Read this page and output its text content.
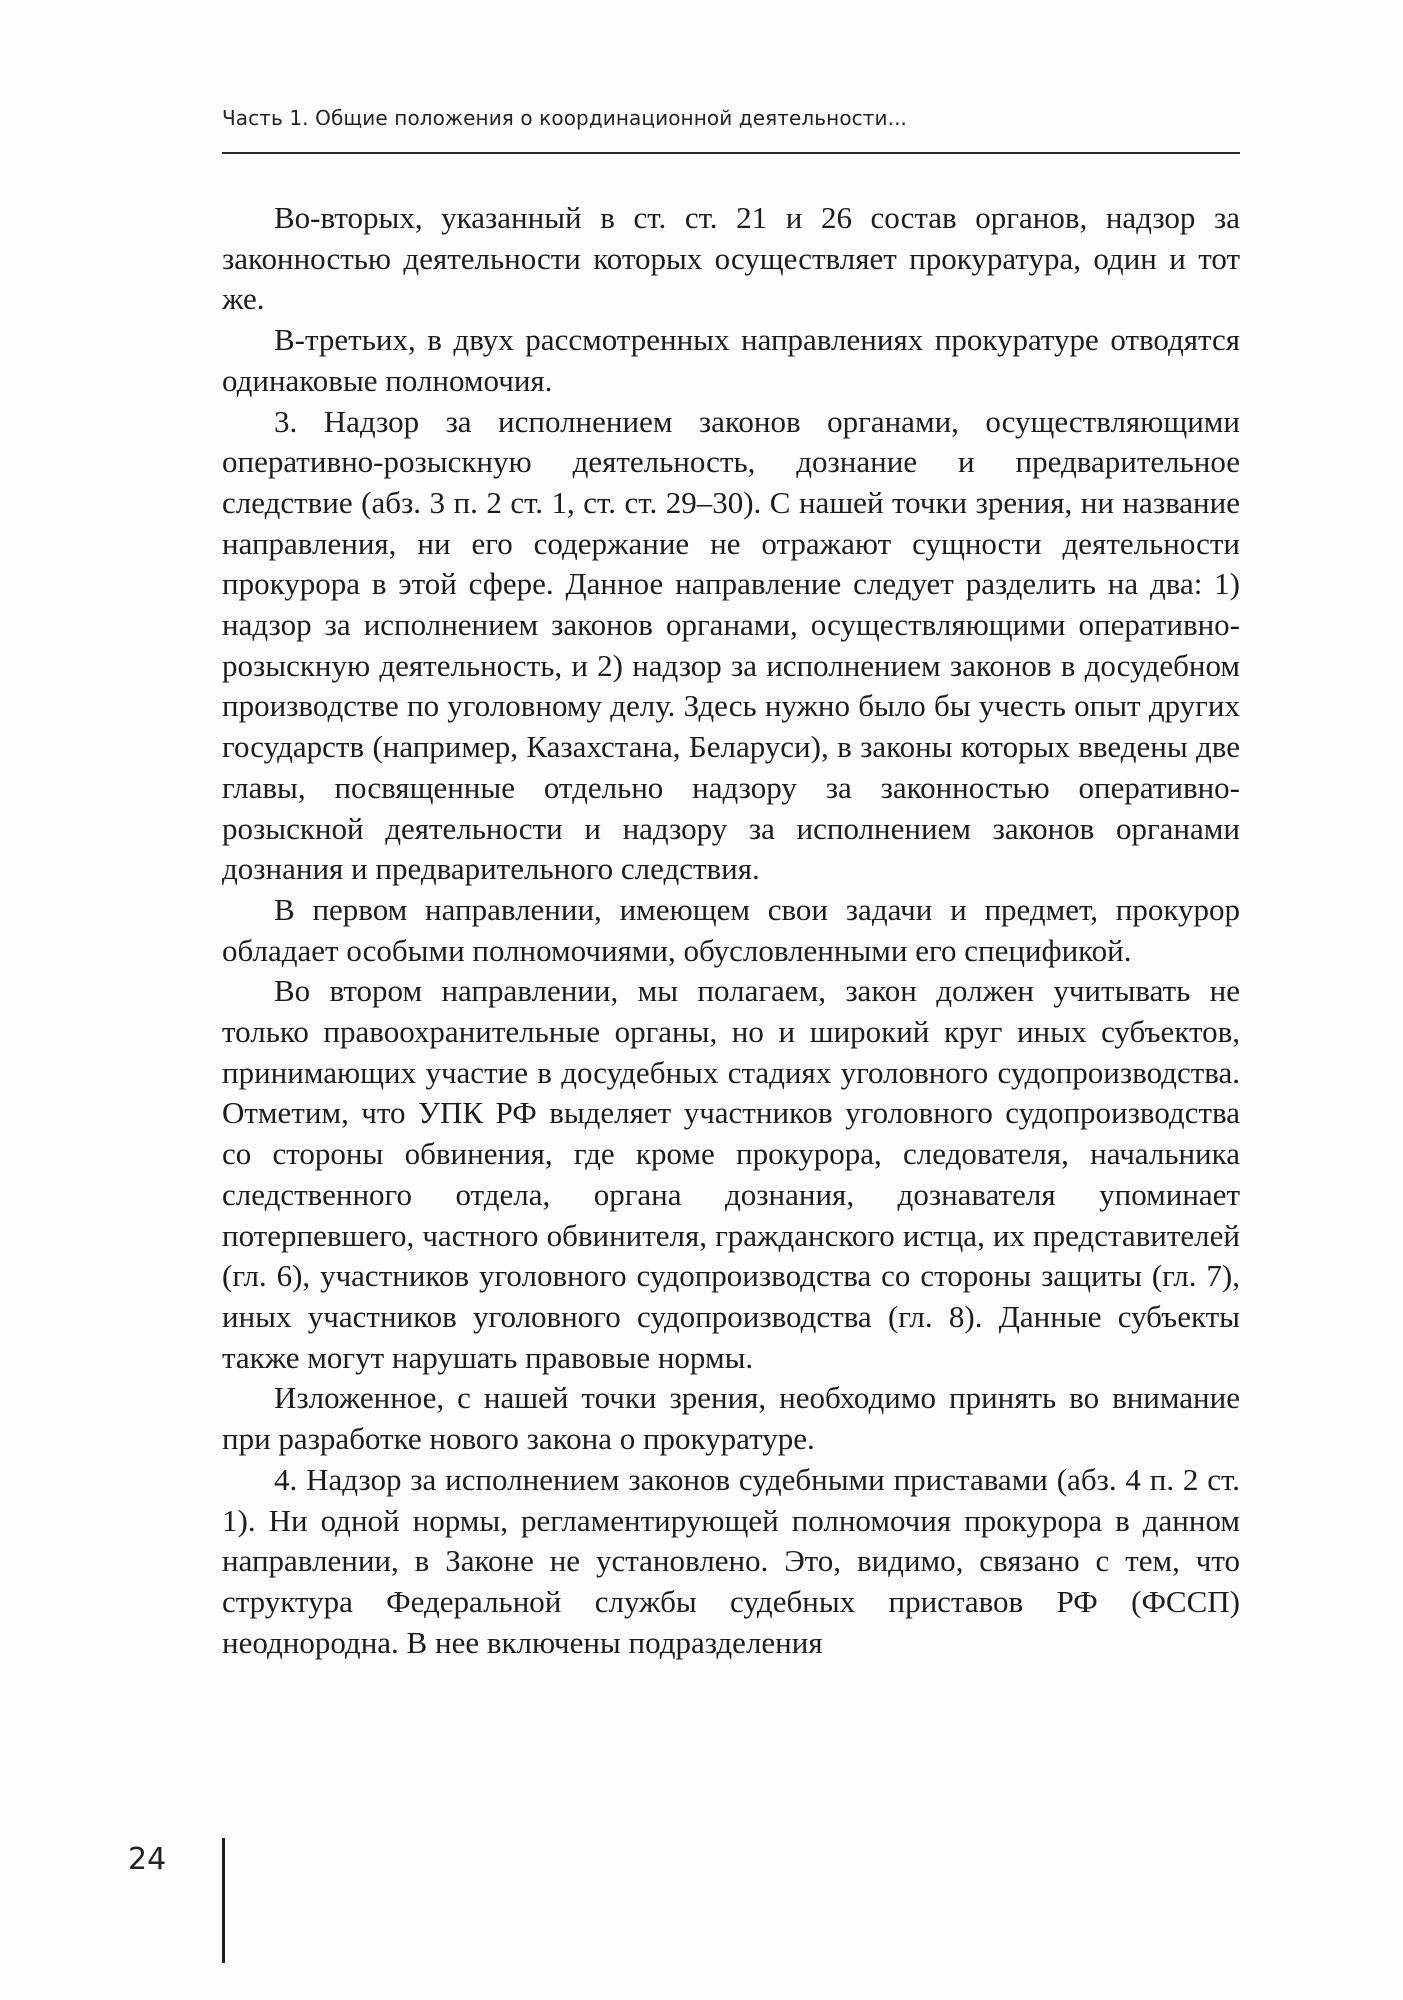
Часть 1. Общие положения о координационной деятельности...

Во-вторых, указанный в ст. ст. 21 и 26 состав органов, надзор за законностью деятельности которых осуществляет прокуратура, один и тот же.

В-третьих, в двух рассмотренных направлениях прокуратуре отводятся одинаковые полномочия.

3. Надзор за исполнением законов органами, осуществляющими оперативно-розыскную деятельность, дознание и предварительное следствие (абз. 3 п. 2 ст. 1, ст. ст. 29–30). С нашей точки зрения, ни название направления, ни его содержание не отражают сущности деятельности прокурора в этой сфере. Данное направление следует разделить на два: 1) надзор за исполнением законов органами, осуществляющими оперативно-розыскную деятельность, и 2) надзор за исполнением законов в досудебном производстве по уголовному делу. Здесь нужно было бы учесть опыт других государств (например, Казахстана, Беларуси), в законы которых введены две главы, посвященные отдельно надзору за законностью оперативно-розыскной деятельности и надзору за исполнением законов органами дознания и предварительного следствия.

В первом направлении, имеющем свои задачи и предмет, прокурор обладает особыми полномочиями, обусловленными его спецификой.

Во втором направлении, мы полагаем, закон должен учитывать не только правоохранительные органы, но и широкий круг иных субъектов, принимающих участие в досудебных стадиях уголовного судопроизводства. Отметим, что УПК РФ выделяет участников уголовного судопроизводства со стороны обвинения, где кроме прокурора, следователя, начальника следственного отдела, органа дознания, дознавателя упоминает потерпевшего, частного обвинителя, гражданского истца, их представителей (гл. 6), участников уголовного судопроизводства со стороны защиты (гл. 7), иных участников уголовного судопроизводства (гл. 8). Данные субъекты также могут нарушать правовые нормы.

Изложенное, с нашей точки зрения, необходимо принять во внимание при разработке нового закона о прокуратуре.

4. Надзор за исполнением законов судебными приставами (абз. 4 п. 2 ст. 1). Ни одной нормы, регламентирующей полномочия прокурора в данном направлении, в Законе не установлено. Это, видимо, связано с тем, что структура Федеральной службы судебных приставов РФ (ФССП) неоднородна. В нее включены подразделения

24
